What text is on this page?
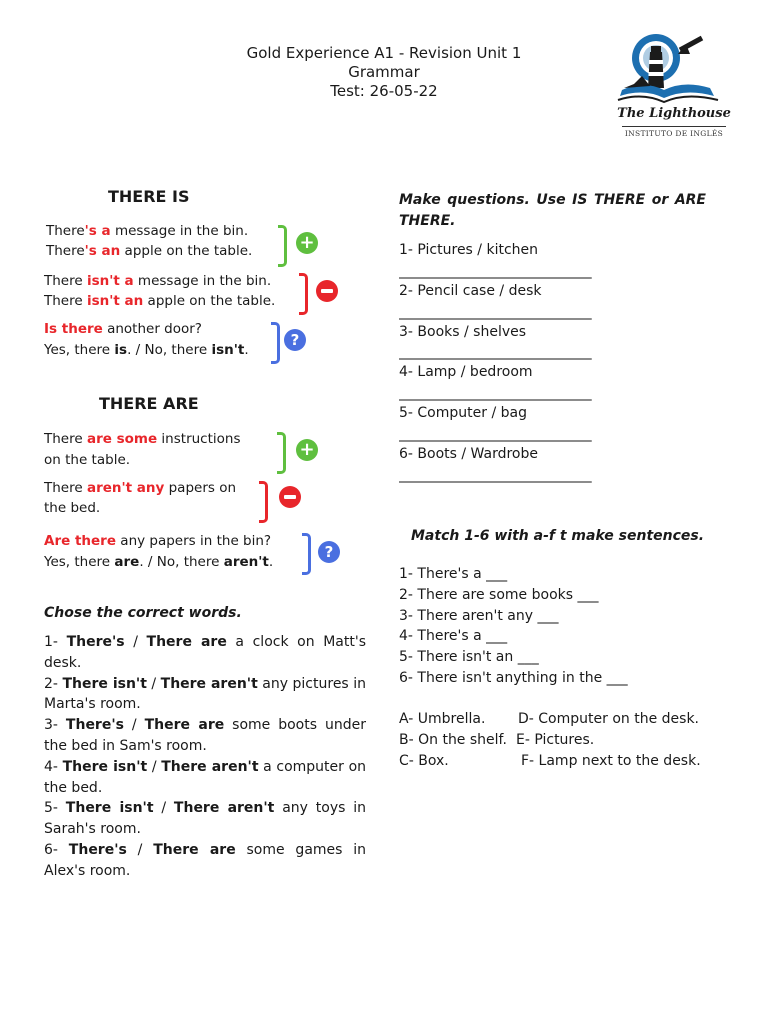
Gold Experience A1 - Revision Unit 1
Grammar
Test: 26-05-22
The Lighthouse
INSTITUTO DE INGLÉS
THERE IS
There's a message in the bin.
There's an apple on the table.	+
There isn't a message in the bin.
There isn't an apple on the table.
Is there another door?
Yes, there is. / No, there isn't.
?
THERE ARE
There are some instructions
on the table.	+
There aren't any papers on
the bed.
Are there any papers in the bin?
Yes, there are. / No, there aren't.
?
Chose the correct words.
1- There's / There are a clock on Matt's desk.
2- There isn't / There aren't any pictures in Marta's room.
3- There's / There are some boots under the bed in Sam's room.
4- There isn't / There aren't a computer on the bed.
5- There isn't / There aren't any toys in Sarah's room.
6- There's / There are some games in Alex's room.
Make questions. Use IS THERE or ARE THERE.
1- Pictures / kitchen
______________________________
2- Pencil case / desk
______________________________
3- Books / shelves
______________________________
4- Lamp / bedroom
______________________________
5- Computer / bag
______________________________
6- Boots / Wardrobe
______________________________
Match 1-6 with a-f t make sentences.
1- There's a ___
2- There are some books ___
3- There aren't any ___
4- There's a ___
5- There isn't an ___
6- There isn't anything in the ___
A- Umbrella. D- Computer on the desk.
B- On the shelf. E- Pictures.
C- Box.	F- Lamp next to the desk.
